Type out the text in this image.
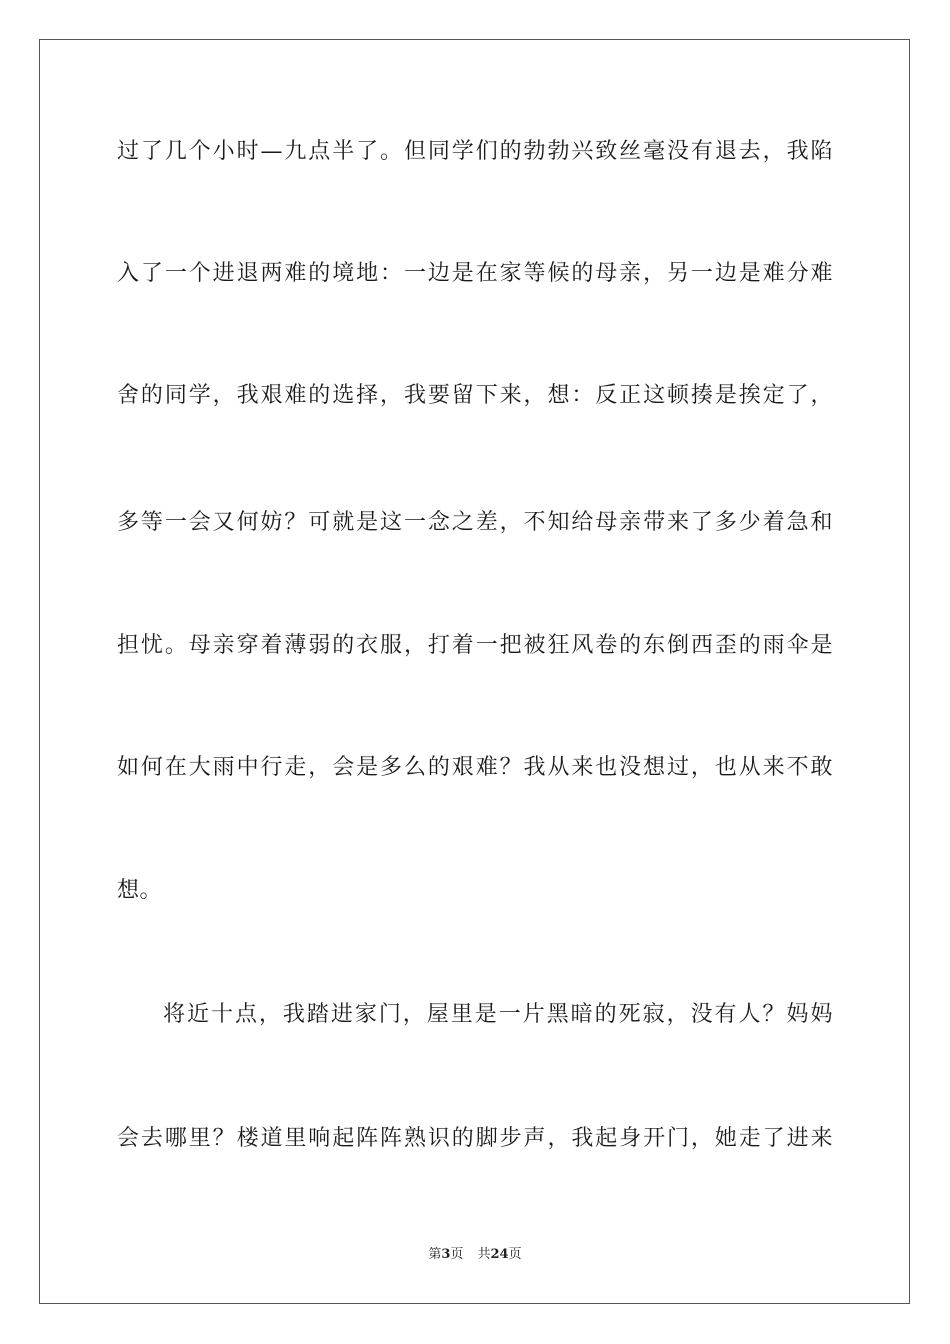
过了几个小时—九点半了。但同学们的勃勃兴致丝毫没有退去，我陷
入了一个进退两难的境地：一边是在家等候的母亲，另一边是难分难
舍的同学，我艰难的选择，我要留下来，想：反正这顿揍是挨定了，
多等一会又何妨？可就是这一念之差，不知给母亲带来了多少着急和
担忧。母亲穿着薄弱的衣服，打着一把被狂风卷的东倒西歪的雨伞是
如何在大雨中行走，会是多么的艰难？我从来也没想过，也从来不敢
想。
将近十点，我踏进家门，屋里是一片黑暗的死寂，没有人？妈妈
会去哪里？楼道里响起阵阵熟识的脚步声，我起身开门，她走了进来
第3页 共24页
